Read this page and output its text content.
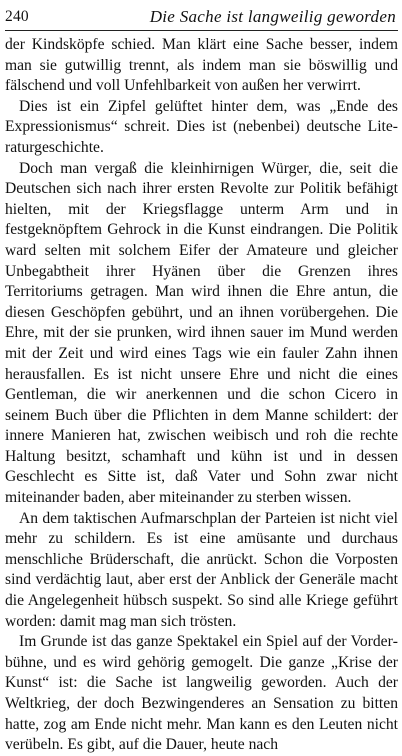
240	Die Sache ist langweilig geworden

der Kindsköpfe schied. Man klärt eine Sache besser, indem man sie gutwillig trennt, als indem man sie böswillig und fälschend und voll Unfehlbarkeit von außen her verwirrt.

Dies ist ein Zipfel gelüftet hinter dem, was „Ende des Expressionismus“ schreit. Dies ist (nebenbei) deutsche Literaturgeschichte.

Doch man vergaß die kleinhirnigen Würger, die, seit die Deutschen sich nach ihrer ersten Revolte zur Politik befähigt hielten, mit der Kriegsflagge unterm Arm und in festgeknöpftem Gehrock in die Kunst eindrangen. Die Politik ward selten mit solchem Eifer der Amateure und gleicher Unbegabtheit ihrer Hyänen über die Grenzen ihres Territoriums getragen. Man wird ihnen die Ehre antun, die diesen Geschöpfen gebührt, und an ihnen vorübergehen. Die Ehre, mit der sie prunken, wird ihnen sauer im Mund werden mit der Zeit und wird eines Tags wie ein fauler Zahn ihnen herausfallen. Es ist nicht unsere Ehre und nicht die eines Gentleman, die wir anerkennen und die schon Cicero in seinem Buch über die Pflichten in dem Manne schildert: der innere Manieren hat, zwischen weibisch und roh die rechte Haltung besitzt, schamhaft und kühn ist und in dessen Geschlecht es Sitte ist, daß Vater und Sohn zwar nicht miteinander baden, aber miteinander zu sterben wissen.

An dem taktischen Aufmarschplan der Parteien ist nicht viel mehr zu schildern. Es ist eine amüsante und durchaus menschliche Brüderschaft, die anrückt. Schon die Vorposten sind verdächtig laut, aber erst der Anblick der Generäle macht die Angelegenheit hübsch suspekt. So sind alle Kriege geführt worden: damit mag man sich trösten.

Im Grunde ist das ganze Spektakel ein Spiel auf der Vorderbühne, und es wird gehörig gemogelt. Die ganze „Krise der Kunst“ ist: die Sache ist langweilig geworden. Auch der Weltkrieg, der doch Bezwingenderes an Sensation zu bitten hatte, zog am Ende nicht mehr. Man kann es den Leuten nicht verübeln. Es gibt, auf die Dauer, heute nach
